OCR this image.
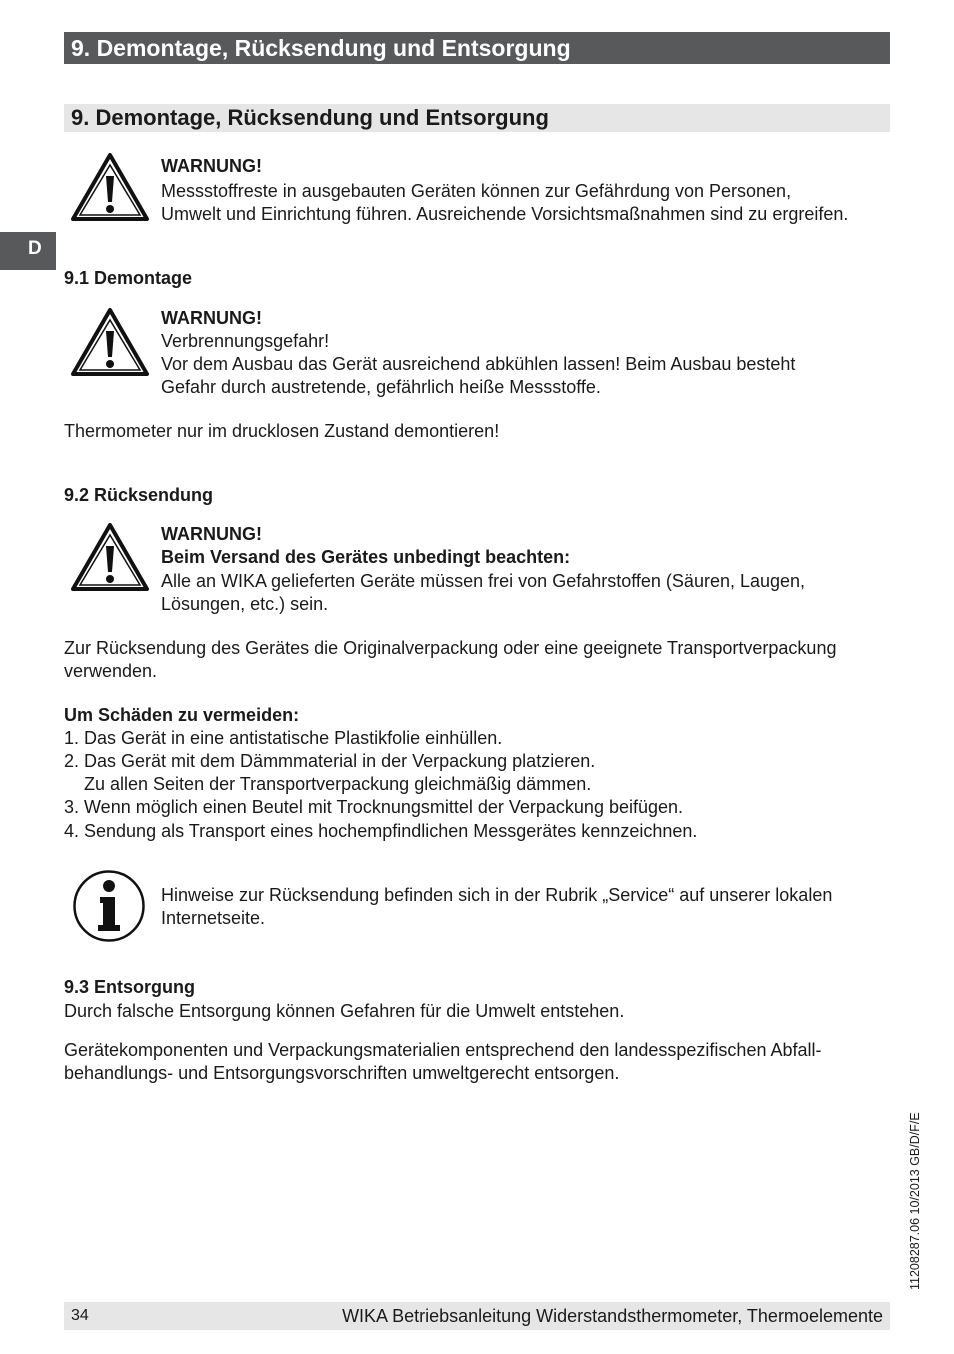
9. Demontage, Rücksendung und Entsorgung
D
9. Demontage, Rücksendung und Entsorgung
WARNUNG!
Messstoffreste in ausgebauten Geräten können zur Gefährdung von Personen,
Umwelt und Einrichtung führen. Ausreichende Vorsichtsmaßnahmen sind zu ergreifen.
9.1 Demontage
WARNUNG!
Verbrennungsgefahr!
Vor dem Ausbau das Gerät ausreichend abkühlen lassen! Beim Ausbau besteht
Gefahr durch austretende, gefährlich heiße Messstoffe.
Thermometer nur im drucklosen Zustand demontieren!
9.2 Rücksendung
WARNUNG!
Beim Versand des Gerätes unbedingt beachten:
Alle an WIKA gelieferten Geräte müssen frei von Gefahrstoffen (Säuren, Laugen,
Lösungen, etc.) sein.
Zur Rücksendung des Gerätes die Originalverpackung oder eine geeignete Transportverpackung
verwenden.
Um Schäden zu vermeiden:
1. Das Gerät in eine antistatische Plastikfolie einhüllen.
2. Das Gerät mit dem Dämmmaterial in der Verpackung platzieren.
Zu allen Seiten der Transportverpackung gleichmäßig dämmen.
3. Wenn möglich einen Beutel mit Trocknungsmittel der Verpackung beifügen.
4. Sendung als Transport eines hochempfindlichen Messgerätes kennzeichnen.
Hinweise zur Rücksendung befinden sich in der Rubrik „Service“ auf unserer lokalen
Internetseite.
9.3 Entsorgung
Durch falsche Entsorgung können Gefahren für die Umwelt entstehen.
Gerätekomponenten und Verpackungsmaterialien entsprechend den landesspezifischen Abfall-
behandlungs- und Entsorgungsvorschriften umweltgerecht entsorgen.
11208287.06 10/2013 GB/D/F/E
34	WIKA Betriebsanleitung Widerstandsthermometer, Thermoelemente
